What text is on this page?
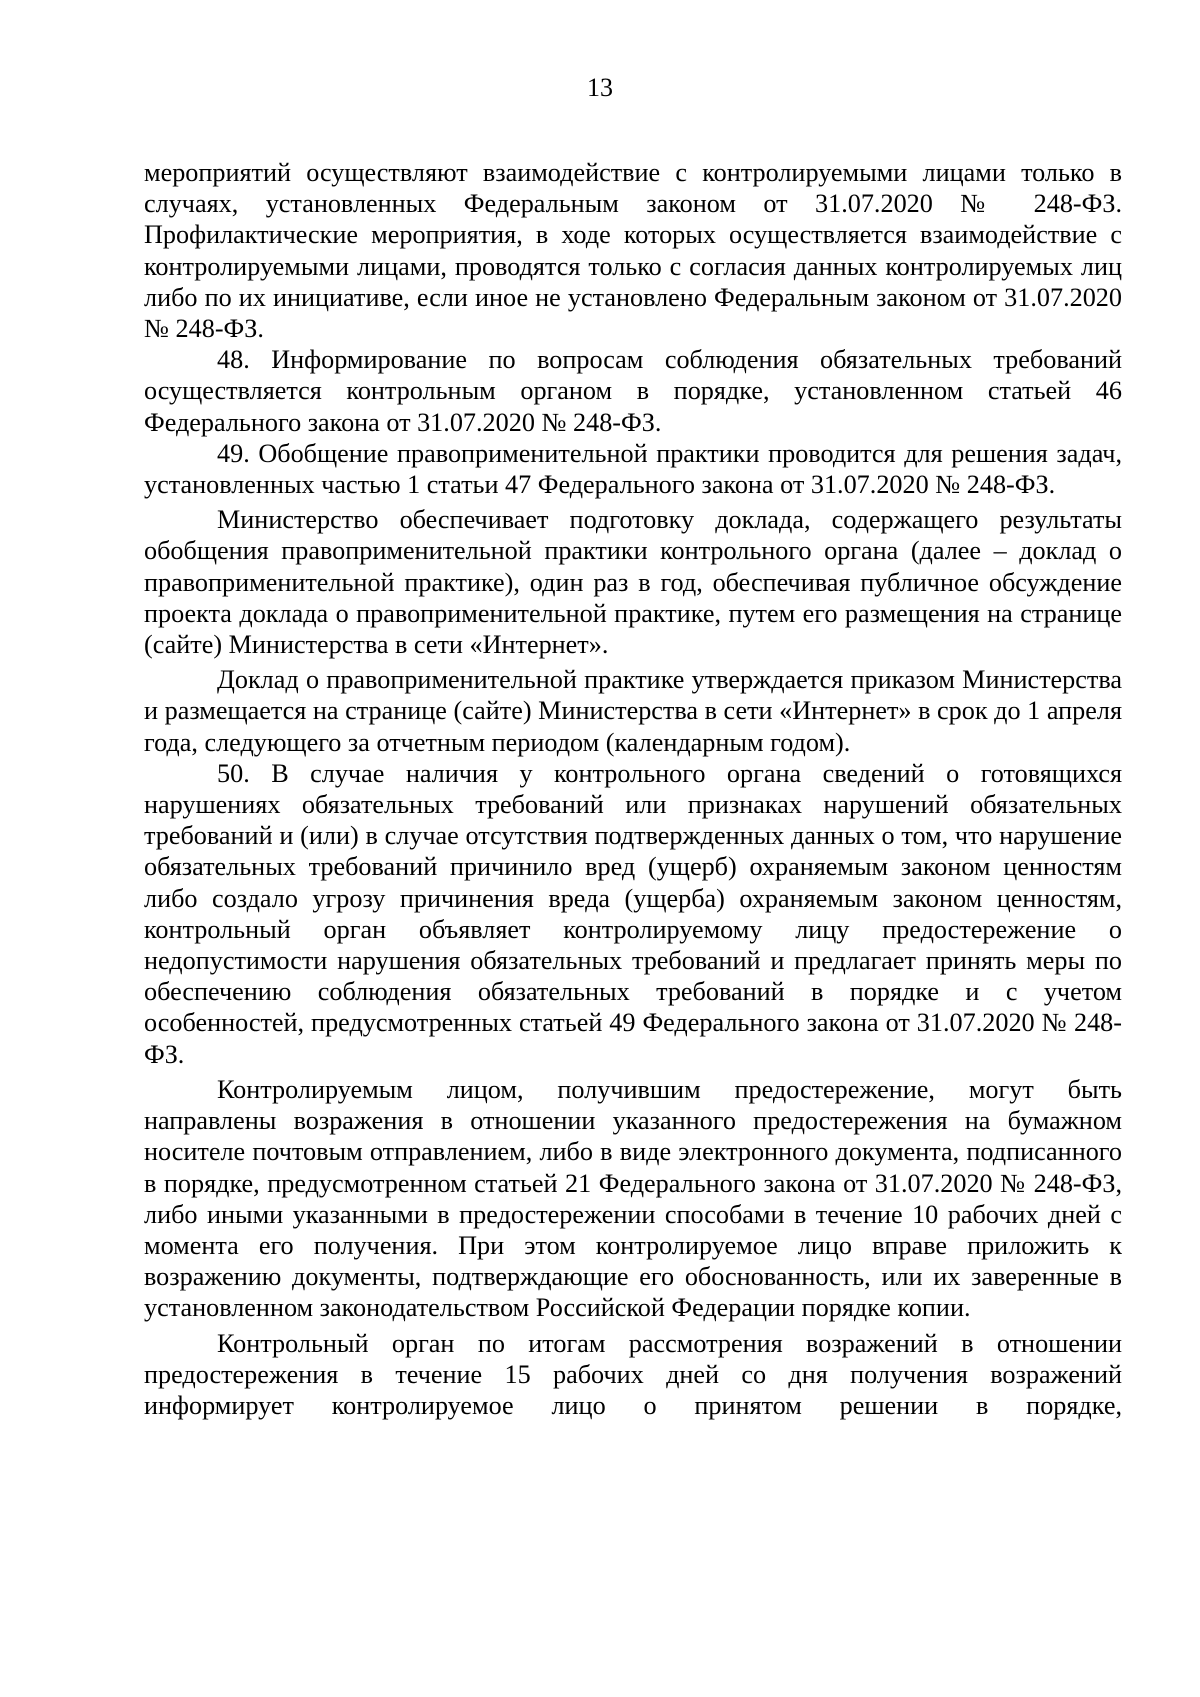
13

мероприятий осуществляют взаимодействие с контролируемыми лицами только в случаях, установленных Федеральным законом от 31.07.2020 № 248-ФЗ. Профилактические мероприятия, в ходе которых осуществляется взаимодействие с контролируемыми лицами, проводятся только с согласия данных контролируемых лиц либо по их инициативе, если иное не установлено Федеральным законом от 31.07.2020 № 248-ФЗ.

48. Информирование по вопросам соблюдения обязательных требований осуществляется контрольным органом в порядке, установленном статьей 46 Федерального закона от 31.07.2020 № 248-ФЗ.

49. Обобщение правоприменительной практики проводится для решения задач, установленных частью 1 статьи 47 Федерального закона от 31.07.2020 № 248-ФЗ.

Министерство обеспечивает подготовку доклада, содержащего результаты обобщения правоприменительной практики контрольного органа (далее – доклад о правоприменительной практике), один раз в год, обеспечивая публичное обсуждение проекта доклада о правоприменительной практике, путем его размещения на странице (сайте) Министерства в сети «Интернет».

Доклад о правоприменительной практике утверждается приказом Министерства и размещается на странице (сайте) Министерства в сети «Интернет» в срок до 1 апреля года, следующего за отчетным периодом (календарным годом).

50. В случае наличия у контрольного органа сведений о готовящихся нарушениях обязательных требований или признаках нарушений обязательных требований и (или) в случае отсутствия подтвержденных данных о том, что нарушение обязательных требований причинило вред (ущерб) охраняемым законом ценностям либо создало угрозу причинения вреда (ущерба) охраняемым законом ценностям, контрольный орган объявляет контролируемому лицу предостережение о недопустимости нарушения обязательных требований и предлагает принять меры по обеспечению соблюдения обязательных требований в порядке и с учетом особенностей, предусмотренных статьей 49 Федерального закона от 31.07.2020 № 248-ФЗ.

Контролируемым лицом, получившим предостережение, могут быть направлены возражения в отношении указанного предостережения на бумажном носителе почтовым отправлением, либо в виде электронного документа, подписанного в порядке, предусмотренном статьей 21 Федерального закона от 31.07.2020 № 248-ФЗ, либо иными указанными в предостережении способами в течение 10 рабочих дней с момента его получения. При этом контролируемое лицо вправе приложить к возражению документы, подтверждающие его обоснованность, или их заверенные в установленном законодательством Российской Федерации порядке копии.

Контрольный орган по итогам рассмотрения возражений в отношении предостережения в течение 15 рабочих дней со дня получения возражений информирует контролируемое лицо о принятом решении в порядке,
